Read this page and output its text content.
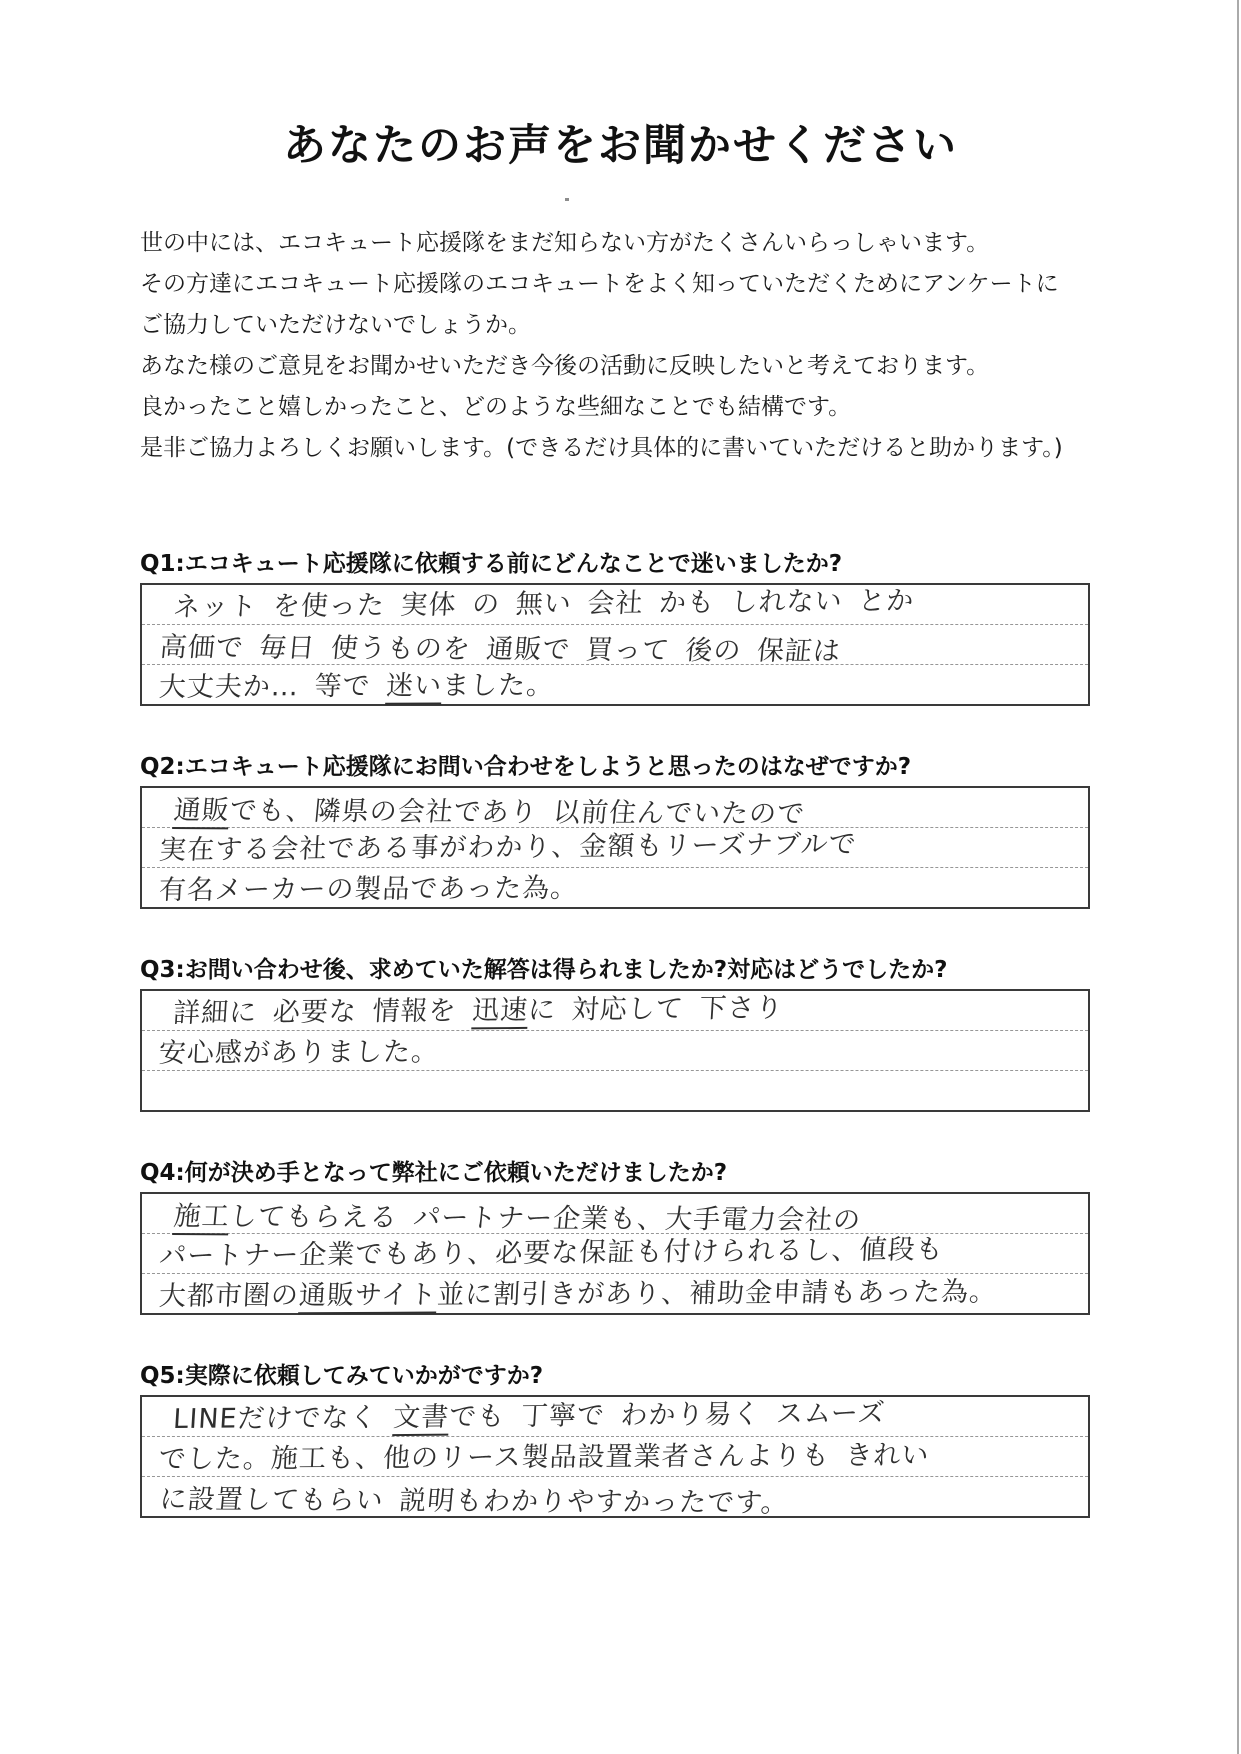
あなたのお声をお聞かせください

世の中には、エコキュート応援隊をまだ知らない方がたくさんいらっしゃいます。

その方達にエコキュート応援隊のエコキュートをよく知っていただくためにアンケートに

ご協力していただけないでしょうか。

あなた様のご意見をお聞かせいただき今後の活動に反映したいと考えております。

良かったこと嬉しかったこと、どのような些細なことでも結構です。

是非ご協力よろしくお願いします。(できるだけ具体的に書いていただけると助かります。)

Q1:エコキュート応援隊に依頼する前にどんなことで迷いましたか?
ネット を使った 実体 の 無い 会社 かも しれない とか
高価で 毎日 使うものを 通販で 買って 後の 保証は
大丈夫か… 等で 迷いました。
Q2:エコキュート応援隊にお問い合わせをしようと思ったのはなぜですか?
通販でも、隣県の会社であり 以前住んでいたので
実在する会社である事がわかり、金額もリーズナブルで
有名メーカーの製品であった為。
Q3:お問い合わせ後、求めていた解答は得られましたか?対応はどうでしたか?
詳細に 必要な 情報を 迅速に 対応して 下さり
安心感がありました。
Q4:何が決め手となって弊社にご依頼いただけましたか?
施工してもらえる パートナー企業も、大手電力会社の
パートナー企業でもあり、必要な保証も付けられるし、値段も
大都市圏の通販サイト並に割引きがあり、補助金申請もあった為。
Q5:実際に依頼してみていかがですか?
LINEだけでなく 文書でも 丁寧で わかり易く スムーズ
でした。施工も、他のリース製品設置業者さんよりも きれい
に設置してもらい 説明もわかりやすかったです。
